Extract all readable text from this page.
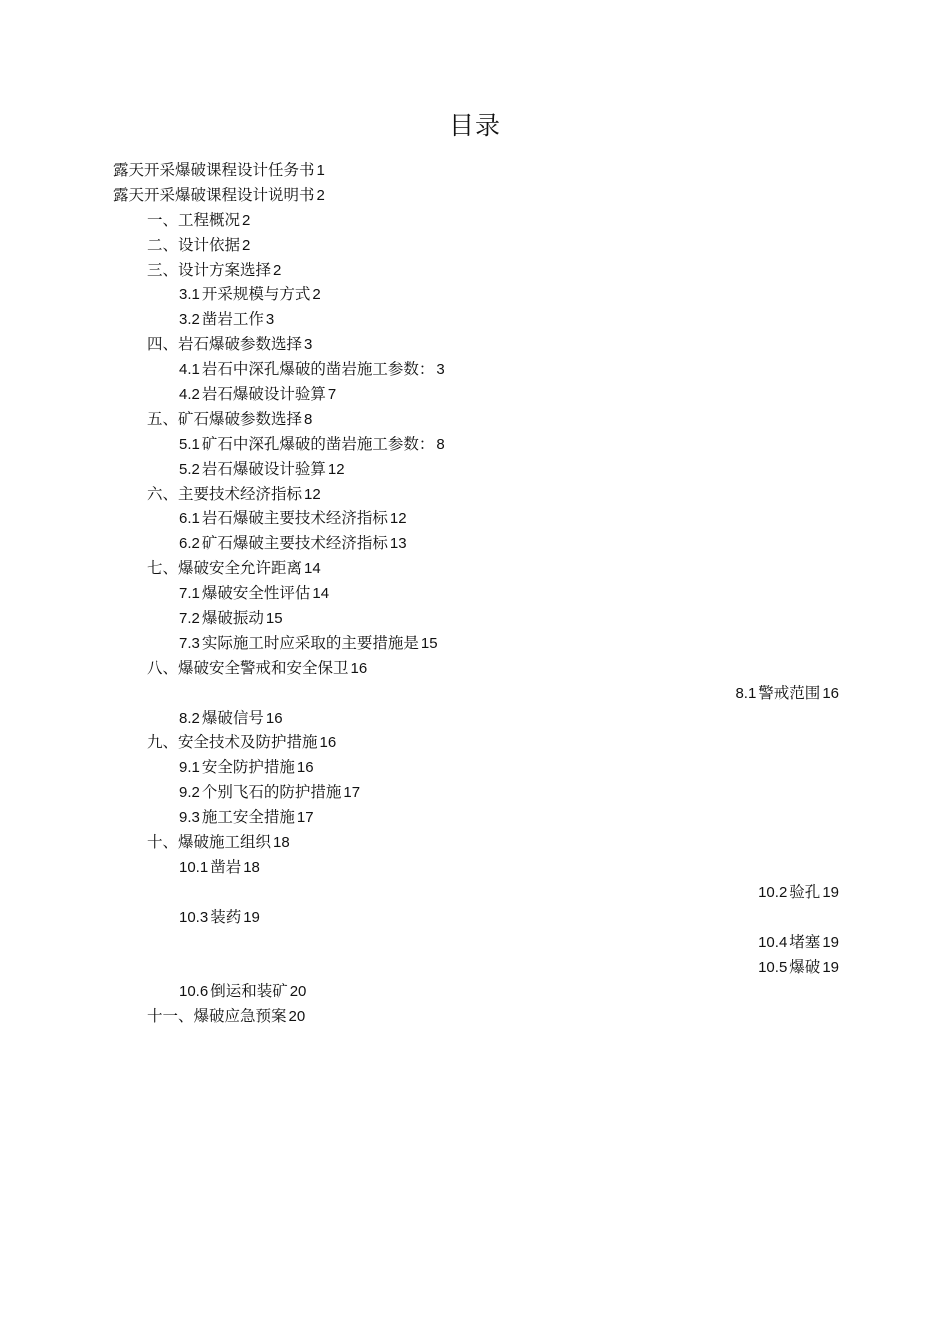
目录
露天开采爆破课程设计任务书 1
露天开采爆破课程设计说明书 2
一、工程概况 2
二、设计依据 2
三、设计方案选择 2
3.1 开采规模与方式 2
3.2 凿岩工作 3
四、岩石爆破参数选择 3
4.1 岩石中深孔爆破的凿岩施工参数： 3
4.2 岩石爆破设计验算 7
五、矿石爆破参数选择 8
5.1 矿石中深孔爆破的凿岩施工参数： 8
5.2 岩石爆破设计验算 12
六、主要技术经济指标 12
6.1 岩石爆破主要技术经济指标 12
6.2 矿石爆破主要技术经济指标 13
七、爆破安全允许距离 14
7.1 爆破安全性评估 14
7.2 爆破振动 15
7.3 实际施工时应采取的主要措施是 15
八、爆破安全警戒和安全保卫 16
8.1 警戒范围 16
8.2 爆破信号 16
九、安全技术及防护措施 16
9.1 安全防护措施 16
9.2 个别飞石的防护措施 17
9.3 施工安全措施 17
十、爆破施工组织 18
10.1 凿岩 18
10.2 验孔 19
10.3 装药 19
10.4 堵塞 19
10.5 爆破 19
10.6 倒运和装矿 20
十一、爆破应急预案 20
